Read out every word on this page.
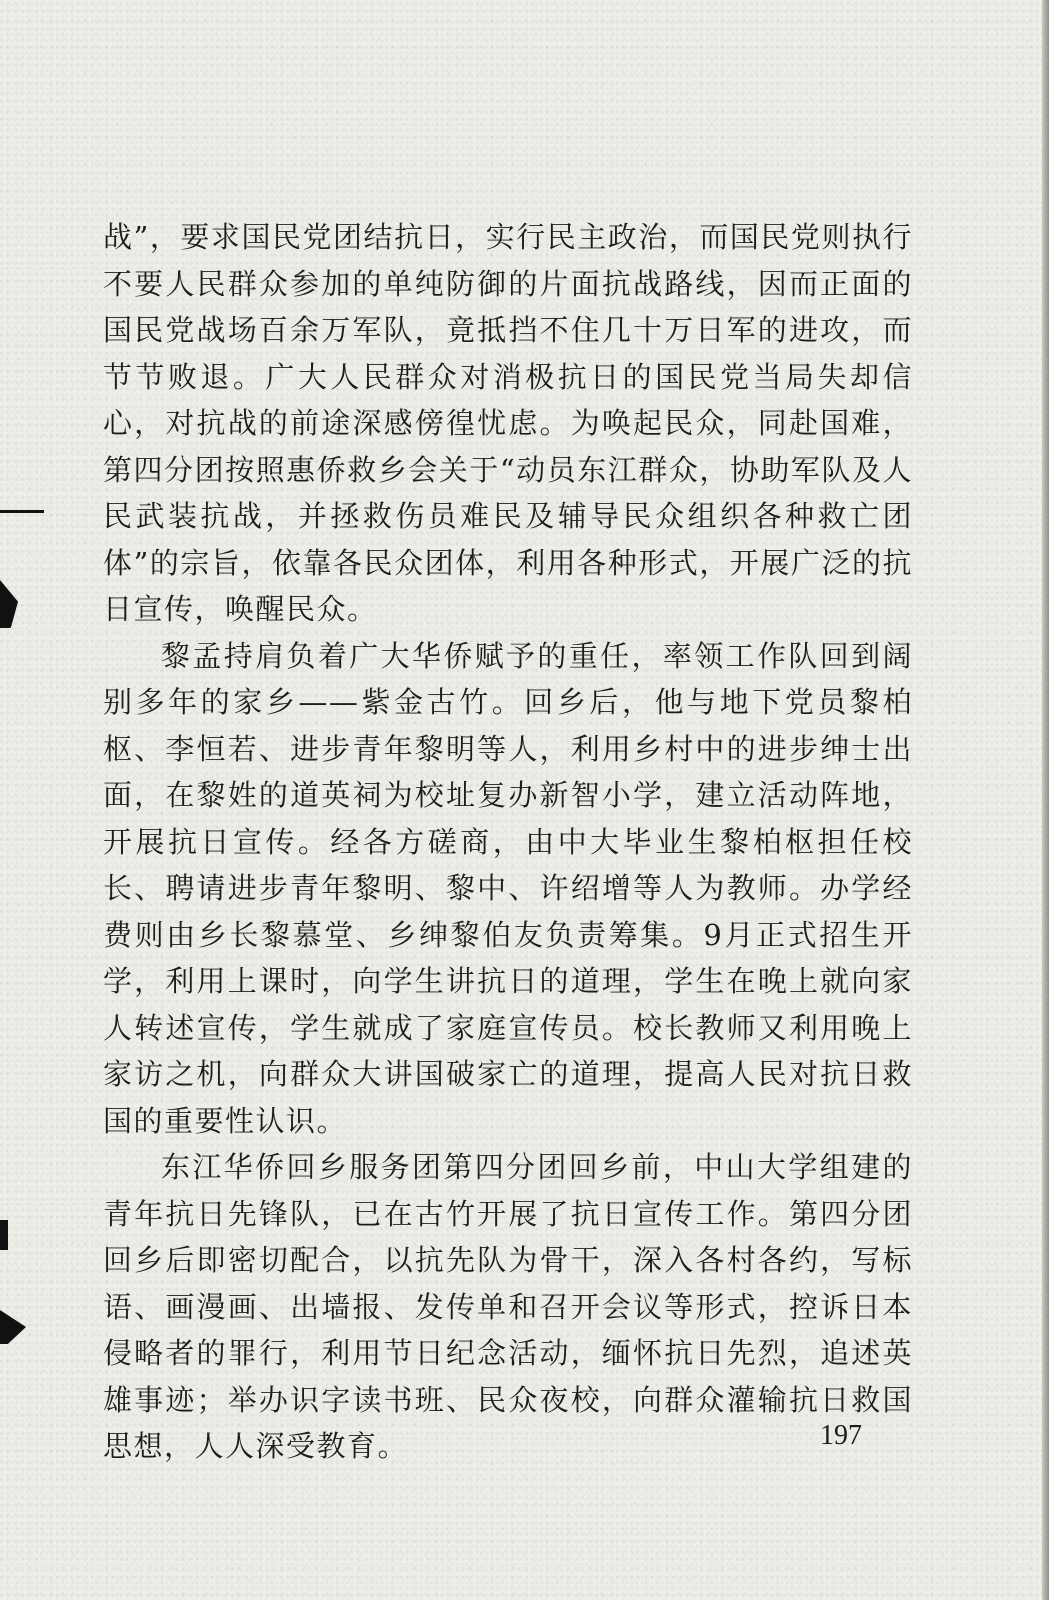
战”，要求国民党团结抗日，实行民主政治，而国民党则执行不要人民群众参加的单纯防御的片面抗战路线，因而正面的国民党战场百余万军队，竟抵挡不住几十万日军的进攻，而节节败退。广大人民群众对消极抗日的国民党当局失却信心，对抗战的前途深感傍徨忧虑。为唤起民众，同赴国难，第四分团按照惠侨救乡会关于“动员东江群众，协助军队及人民武装抗战，并拯救伤员难民及辅导民众组织各种救亡团体”的宗旨，依靠各民众团体，利用各种形式，开展广泛的抗日宣传，唤醒民众。

黎孟持肩负着广大华侨赋予的重任，率领工作队回到阔别多年的家乡——紫金古竹。回乡后，他与地下党员黎柏枢、李恒若、进步青年黎明等人，利用乡村中的进步绅士出面，在黎姓的道英祠为校址复办新智小学，建立活动阵地，开展抗日宣传。经各方磋商，由中大毕业生黎柏枢担任校长、聘请进步青年黎明、黎中、许绍增等人为教师。办学经费则由乡长黎慕堂、乡绅黎伯友负责筹集。9月正式招生开学，利用上课时，向学生讲抗日的道理，学生在晚上就向家人转述宣传，学生就成了家庭宣传员。校长教师又利用晚上家访之机，向群众大讲国破家亡的道理，提高人民对抗日救国的重要性认识。

东江华侨回乡服务团第四分团回乡前，中山大学组建的青年抗日先锋队，已在古竹开展了抗日宣传工作。第四分团回乡后即密切配合，以抗先队为骨干，深入各村各约，写标语、画漫画、出墙报、发传单和召开会议等形式，控诉日本侵略者的罪行，利用节日纪念活动，缅怀抗日先烈，追述英雄事迹；举办识字读书班、民众夜校，向群众灌输抗日救国思想，人人深受教育。	197
